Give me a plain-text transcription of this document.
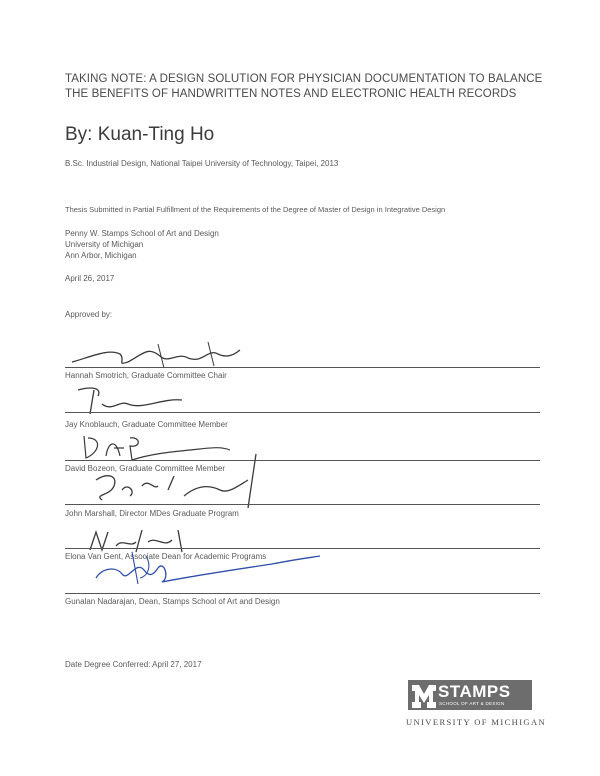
TAKING NOTE: A DESIGN SOLUTION FOR PHYSICIAN DOCUMENTATION TO BALANCE
THE BENEFITS OF HANDWRITTEN NOTES AND ELECTRONIC HEALTH RECORDS
By: Kuan-Ting Ho
B.Sc. Industrial Design, National Taipei University of Technology, Taipei, 2013
Thesis Submitted in Partial Fulfillment of the Requirements of the Degree of Master of Design in Integrative Design
Penny W. Stamps School of Art and Design
University of Michigan
Ann Arbor, Michigan
April 26, 2017
Approved by:
Hannah Smotrich, Graduate Committee Chair
Jay Knoblauch, Graduate Committee Member
David Bozeon, Graduate Committee Member
John Marshall, Director MDes Graduate Program
Elona Van Gent, Associate Dean for Academic Programs
Gunalan Nadarajan, Dean, Stamps School of Art and Design
Date Degree Conferred: April 27, 2017
STAMPS
SCHOOL OF ART & DESIGN
UNIVERSITY OF MICHIGAN
